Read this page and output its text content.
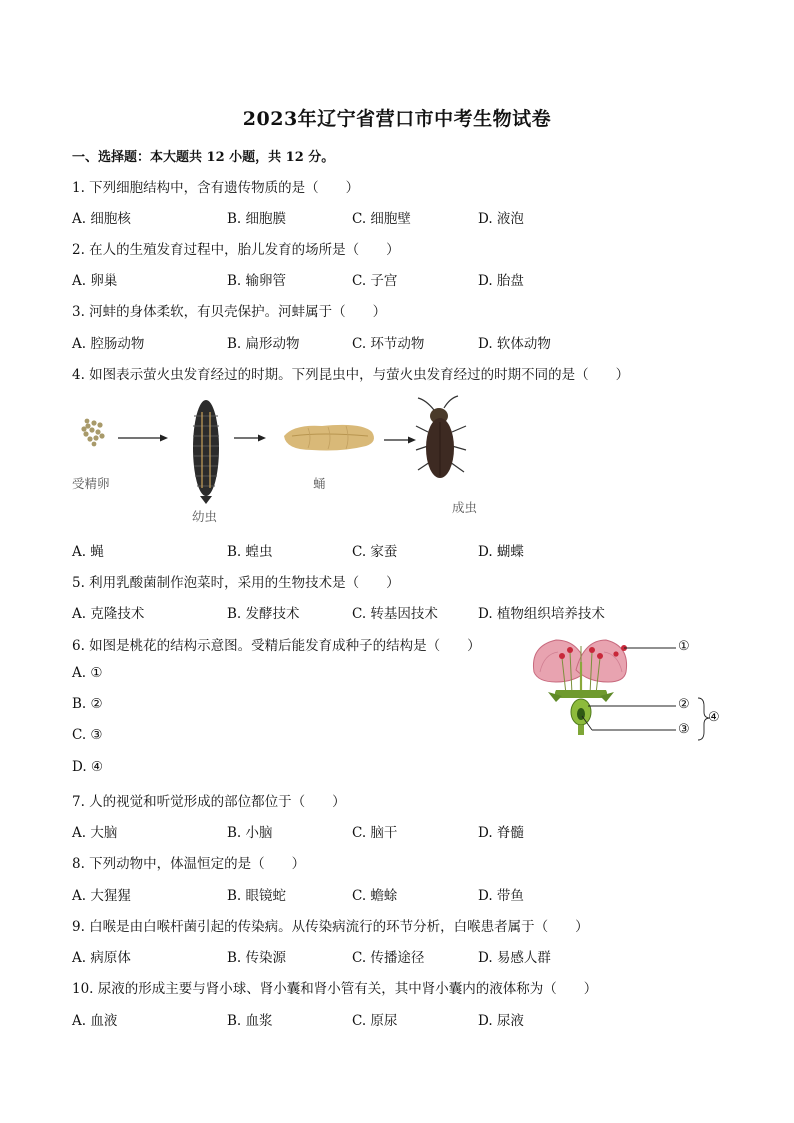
2023年辽宁省营口市中考生物试卷
一、选择题：本大题共 12 小题，共 12 分。
1. 下列细胞结构中，含有遗传物质的是（　　）
A. 细胞核	B. 细胞膜	C. 细胞壁	D. 液泡
2. 在人的生殖发育过程中，胎儿发育的场所是（　　）
A. 卵巢	B. 输卵管	C. 子宫	D. 胎盘
3. 河蚌的身体柔软，有贝壳保护。河蚌属于（　　）
A. 腔肠动物	B. 扁形动物	C. 环节动物	D. 软体动物
4. 如图表示萤火虫发育经过的时期。下列昆虫中，与萤火虫发育经过的时期不同的是（　　）
受精卵
幼虫
蛹
成虫
A. 蝇	B. 蝗虫	C. 家蚕	D. 蝴蝶
5. 利用乳酸菌制作泡菜时，采用的生物技术是（　　）
A. 克隆技术	B. 发酵技术	C. 转基因技术	D. 植物组织培养技术
6. 如图是桃花的结构示意图。受精后能发育成种子的结构是（　　）
A. ①
B. ②
C. ③
D. ④
①
②
③
④
7. 人的视觉和听觉形成的部位都位于（　　）
A. 大脑	B. 小脑	C. 脑干	D. 脊髓
8. 下列动物中，体温恒定的是（　　）
A. 大猩猩	B. 眼镜蛇	C. 蟾蜍	D. 带鱼
9. 白喉是由白喉杆菌引起的传染病。从传染病流行的环节分析，白喉患者属于（　　）
A. 病原体	B. 传染源	C. 传播途径	D. 易感人群
10. 尿液的形成主要与肾小球、肾小囊和肾小管有关，其中肾小囊内的液体称为（　　）
A. 血液	B. 血浆	C. 原尿	D. 尿液
